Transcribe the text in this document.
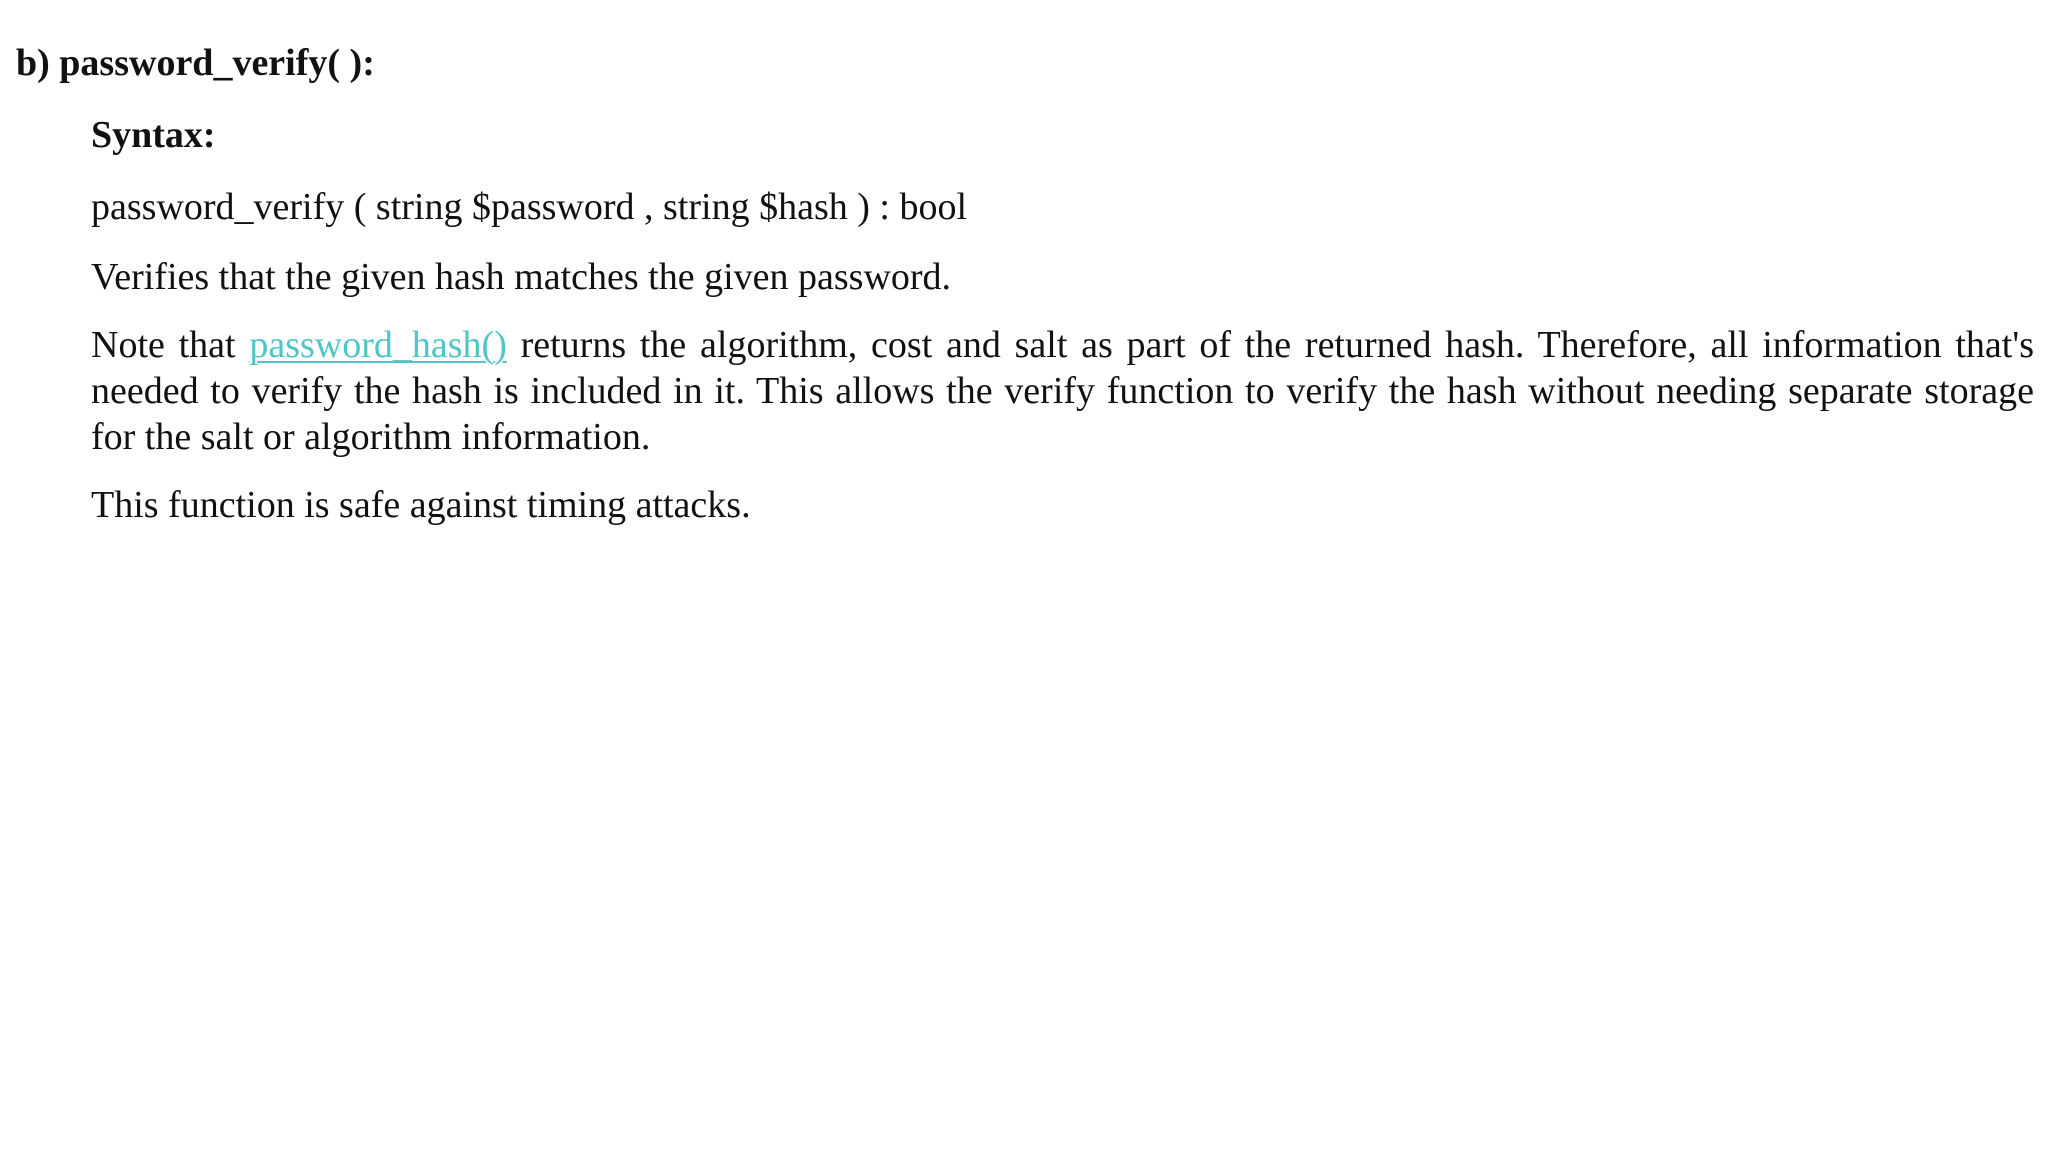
b) password_verify( ):
Syntax:
password_verify ( string $password , string $hash ) : bool

Verifies that the given hash matches the given password.

Note that password_hash() returns the algorithm, cost and salt as part of the returned hash. Therefore, all information that's needed to verify the hash is included in it. This allows the verify function to verify the hash without needing separate storage for the salt or algorithm information.

This function is safe against timing attacks.
